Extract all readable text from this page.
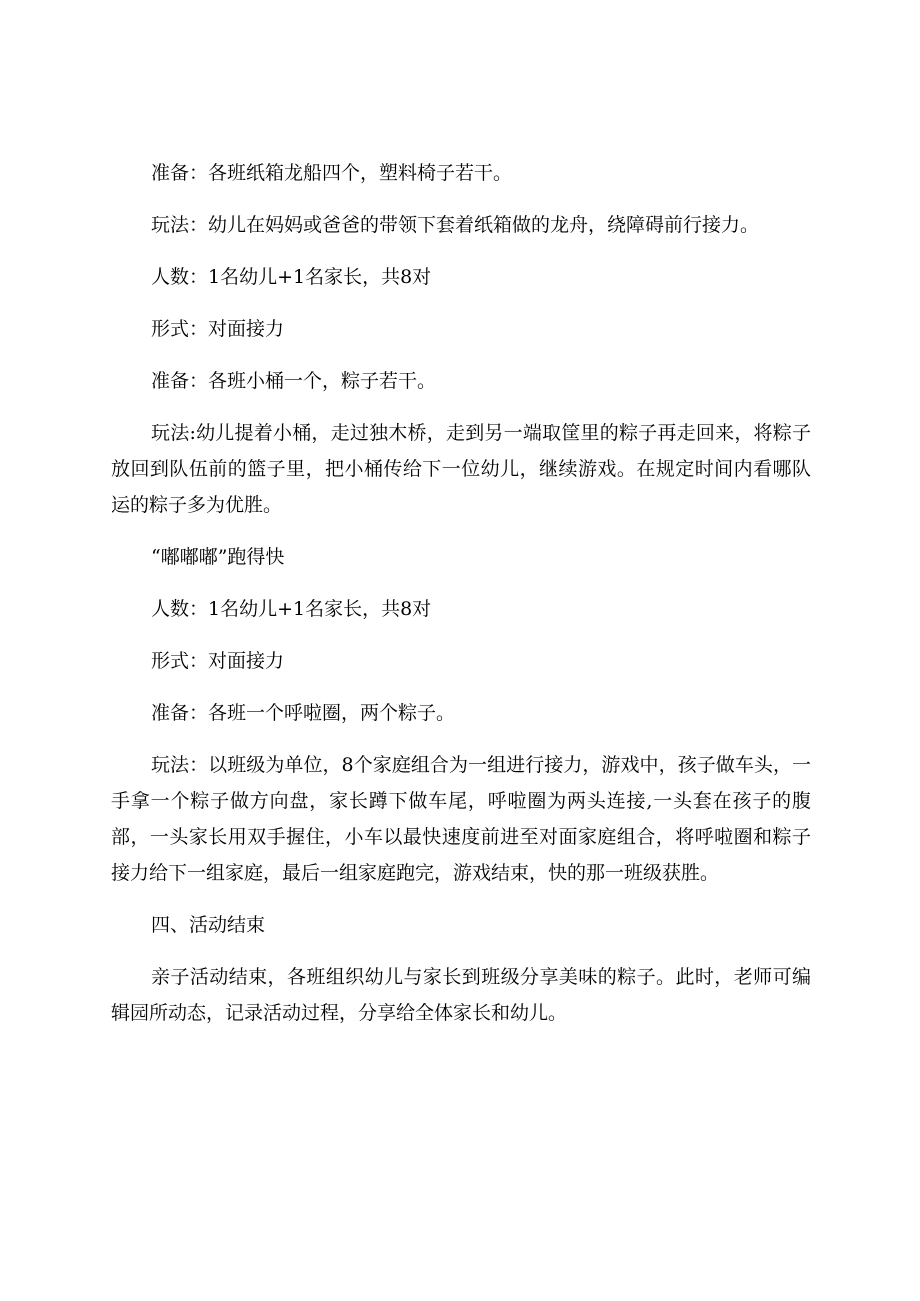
准备：各班纸箱龙船四个，塑料椅子若干。

玩法：幼儿在妈妈或爸爸的带领下套着纸箱做的龙舟，绕障碍前行接力。

人数：1名幼儿+1名家长，共8对

形式：对面接力

准备：各班小桶一个，粽子若干。

玩法:幼儿提着小桶，走过独木桥，走到另一端取筐里的粽子再走回来，将粽子放回到队伍前的篮子里，把小桶传给下一位幼儿，继续游戏。在规定时间内看哪队运的粽子多为优胜。

“嘟嘟嘟”跑得快

人数：1名幼儿+1名家长，共8对

形式：对面接力

准备：各班一个呼啦圈，两个粽子。

玩法：以班级为单位，8个家庭组合为一组进行接力，游戏中，孩子做车头，一手拿一个粽子做方向盘，家长蹲下做车尾，呼啦圈为两头连接,一头套在孩子的腹部，一头家长用双手握住，小车以最快速度前进至对面家庭组合，将呼啦圈和粽子接力给下一组家庭，最后一组家庭跑完，游戏结束，快的那一班级获胜。

四、活动结束

亲子活动结束，各班组织幼儿与家长到班级分享美味的粽子。此时，老师可编辑园所动态，记录活动过程，分享给全体家长和幼儿。
